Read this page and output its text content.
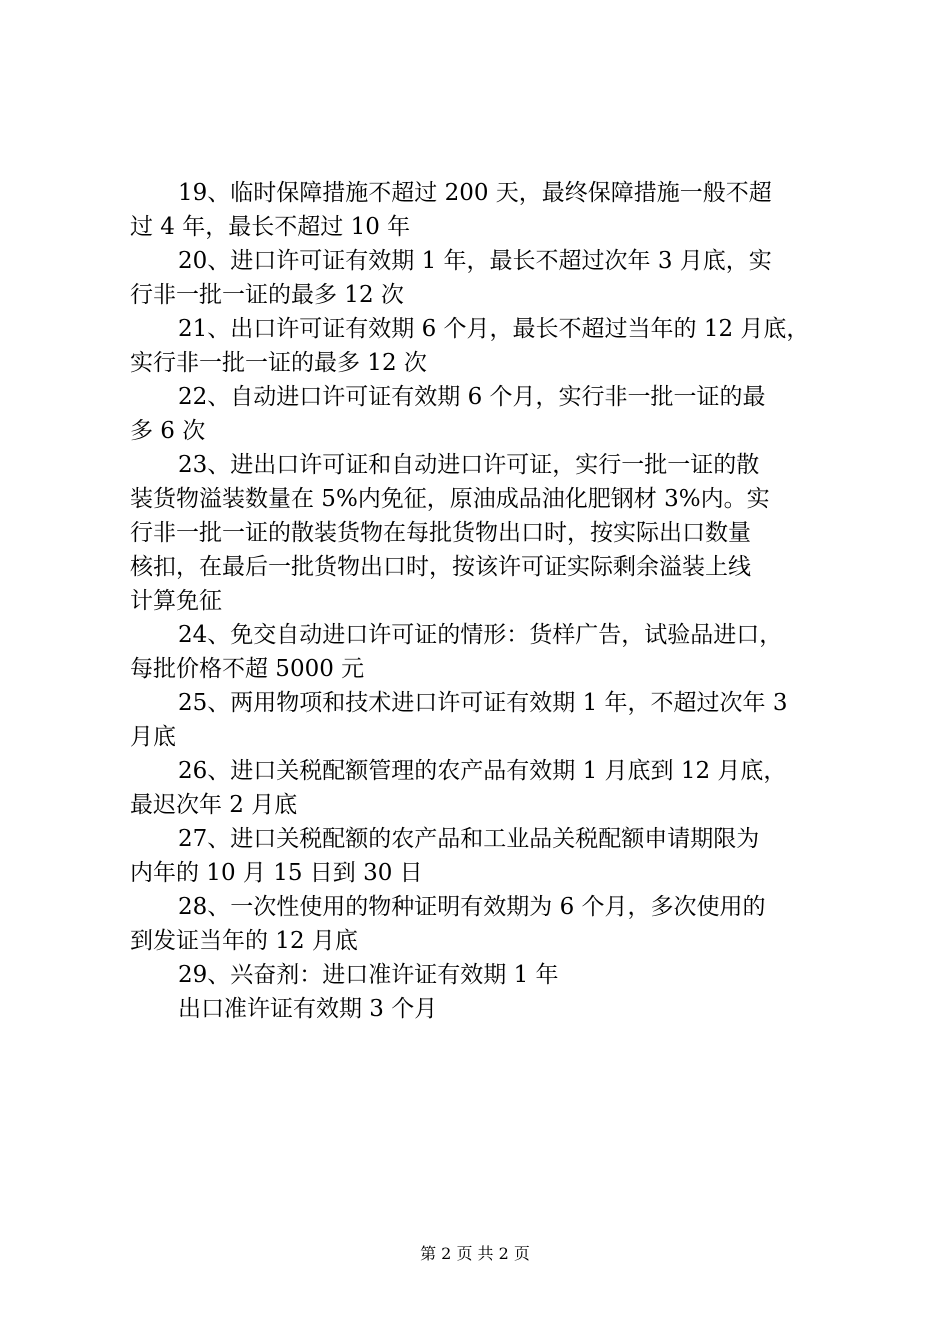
19、临时保障措施不超过 200 天，最终保障措施一般不超
过 4 年，最长不超过 10 年
20、进口许可证有效期 1 年，最长不超过次年 3 月底，实
行非一批一证的最多 12 次
21、出口许可证有效期 6 个月，最长不超过当年的 12 月底，
实行非一批一证的最多 12 次
22、自动进口许可证有效期 6 个月，实行非一批一证的最
多 6 次
23、进出口许可证和自动进口许可证，实行一批一证的散
装货物溢装数量在 5%内免征，原油成品油化肥钢材 3%内。实
行非一批一证的散装货物在每批货物出口时，按实际出口数量
核扣，在最后一批货物出口时，按该许可证实际剩余溢装上线
计算免征
24、免交自动进口许可证的情形：货样广告，试验品进口，
每批价格不超 5000 元
25、两用物项和技术进口许可证有效期 1 年，不超过次年 3
月底
26、进口关税配额管理的农产品有效期 1 月底到 12 月底，
最迟次年 2 月底
27、进口关税配额的农产品和工业品关税配额申请期限为
内年的 10 月 15 日到 30 日
28、一次性使用的物种证明有效期为 6 个月，多次使用的
到发证当年的 12 月底
29、兴奋剂：进口准许证有效期 1 年
出口准许证有效期 3 个月
第 2 页 共 2 页
